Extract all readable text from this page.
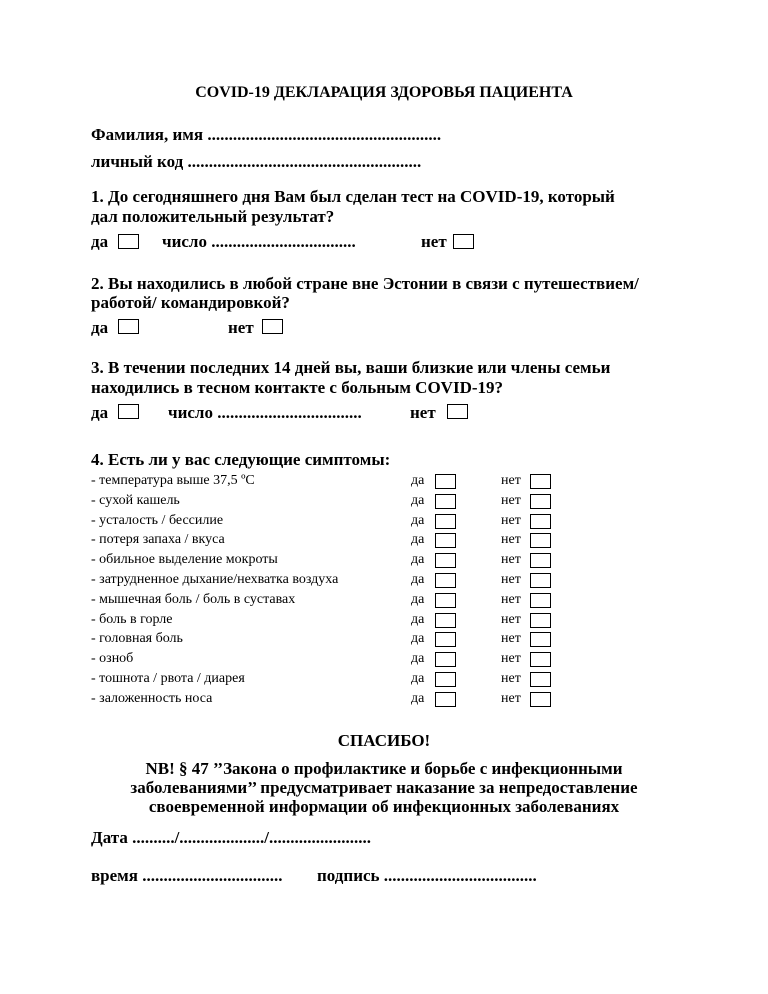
COVID-19 ДЕКЛАРАЦИЯ ЗДОРОВЬЯ ПАЦИЕНТА
Фамилия, имя .......................................................
личный код .......................................................
1. До сегодняшнего дня Вам был сделан тест на COVID-19, который
дал положительный результат?
да	число ..................................	нет
2. Вы находились в любой стране вне Эстонии в связи с путешествием/
работой/ командировкой?
да	нет
3. В течении последних 14 дней вы, ваши близкие или члены семьи
находились в тесном контакте с больным COVID-19?
да	число ..................................	нет
4. Есть ли у вас следующие симптомы:
- температура выше 37,5 ºC	да	нет
- сухой кашель	да	нет
- усталость / бессилие	да	нет
- потеря запаха / вкуса	да	нет
- обильное выделение мокроты	да	нет
- затрудненное дыхание/нехватка воздуха	да	нет
- мышечная боль / боль в суставах	да	нет
- боль в горле	да	нет
- головная боль	да	нет
- озноб	да	нет
- тошнота / рвота / диарея	да	нет
- заложенность носа	да	нет
СПАСИБО!
NB! § 47 ’’Закона о профилактике и борьбе с инфекционными
заболеваниями’’ предусматривает наказание за непредоставление
своевременной информации об инфекционных заболеваниях
Дата ........../..................../........................
время ................................. подпись ....................................
